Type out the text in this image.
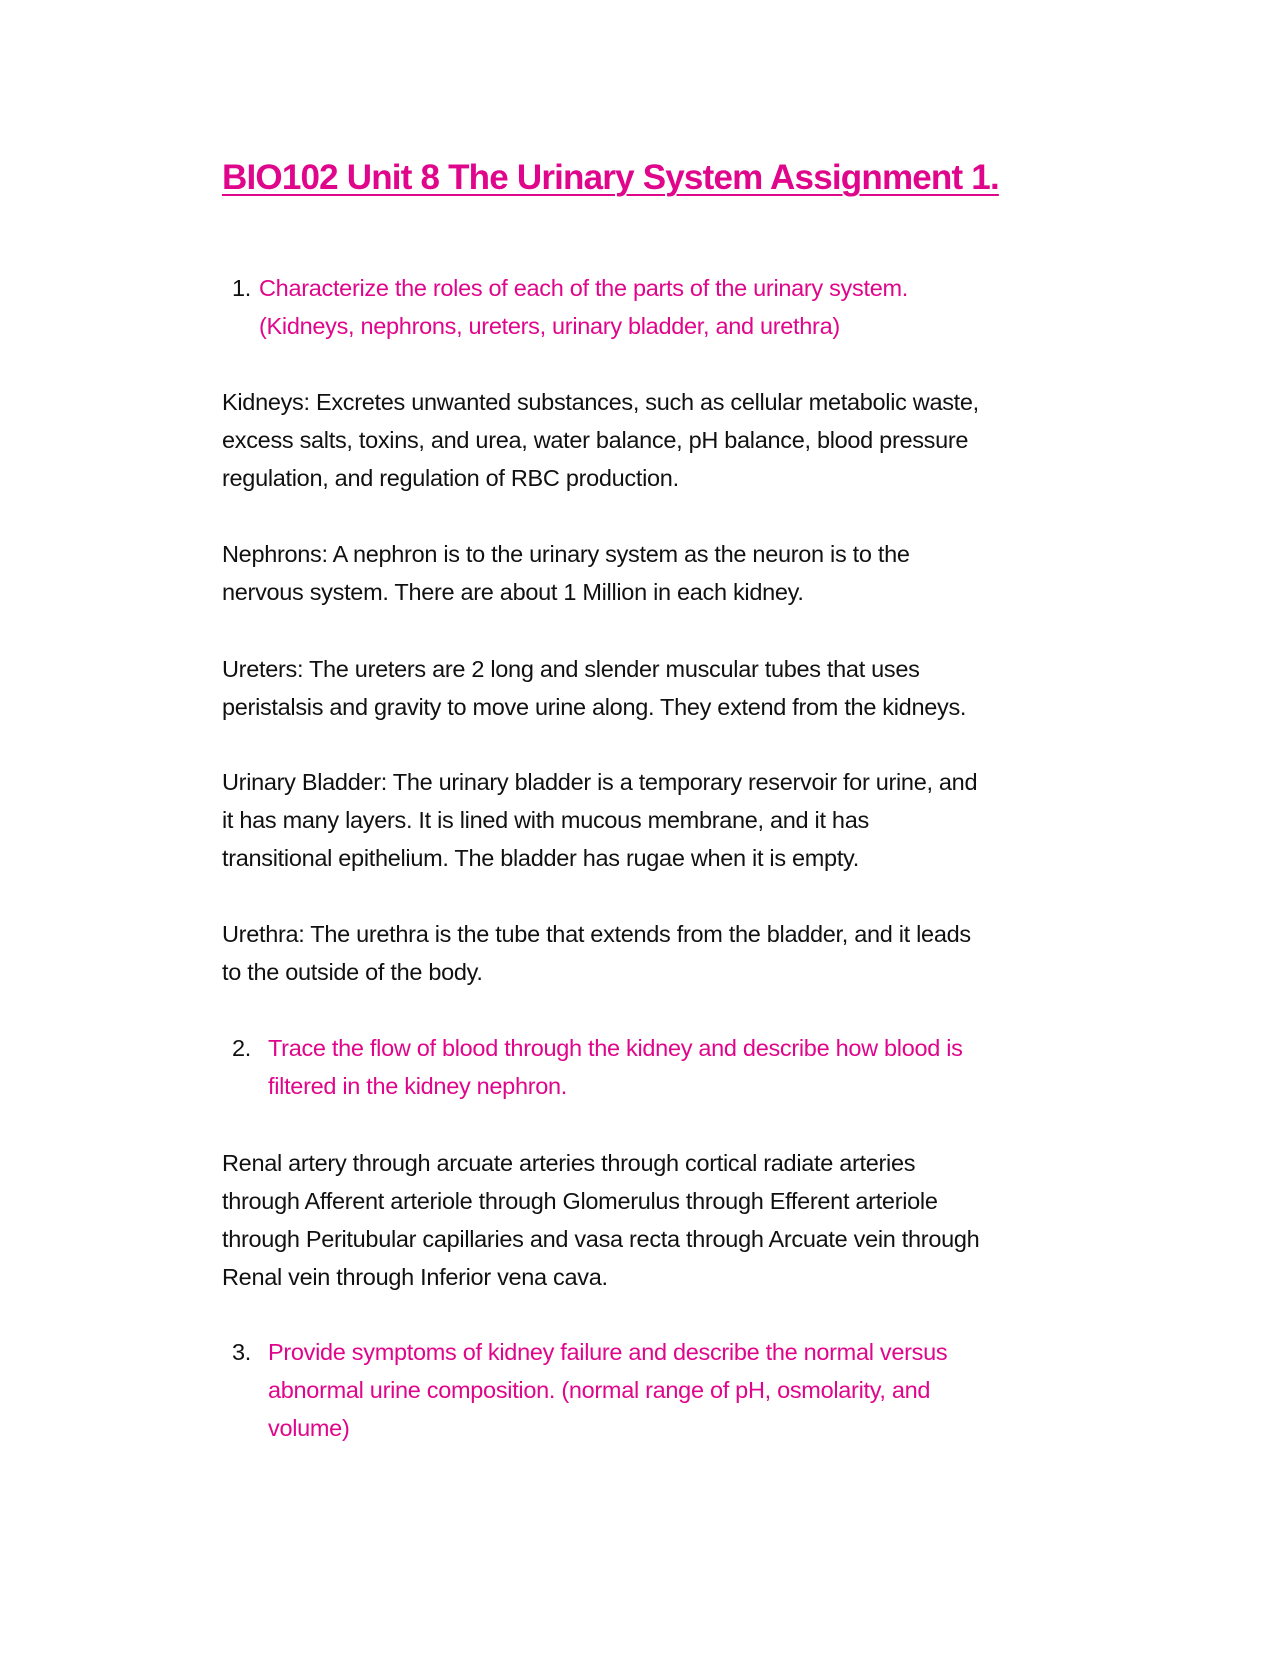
BIO102 Unit 8 The Urinary System Assignment 1.
1. Characterize the roles of each of the parts of the urinary system.
(Kidneys, nephrons, ureters, urinary bladder, and urethra)
Kidneys: Excretes unwanted substances, such as cellular metabolic waste,
excess salts, toxins, and urea, water balance, pH balance, blood pressure
regulation, and regulation of RBC production.
Nephrons: A nephron is to the urinary system as the neuron is to the
nervous system. There are about 1 Million in each kidney.
Ureters: The ureters are 2 long and slender muscular tubes that uses
peristalsis and gravity to move urine along. They extend from the kidneys.
Urinary Bladder: The urinary bladder is a temporary reservoir for urine, and
it has many layers. It is lined with mucous membrane, and it has
transitional epithelium. The bladder has rugae when it is empty.
Urethra: The urethra is the tube that extends from the bladder, and it leads
to the outside of the body.
2. Trace the flow of blood through the kidney and describe how blood is
filtered in the kidney nephron.
Renal artery through arcuate arteries through cortical radiate arteries
through Afferent arteriole through Glomerulus through Efferent arteriole
through Peritubular capillaries and vasa recta through Arcuate vein through
Renal vein through Inferior vena cava.
3. Provide symptoms of kidney failure and describe the normal versus
abnormal urine composition. (normal range of pH, osmolarity, and
volume)
